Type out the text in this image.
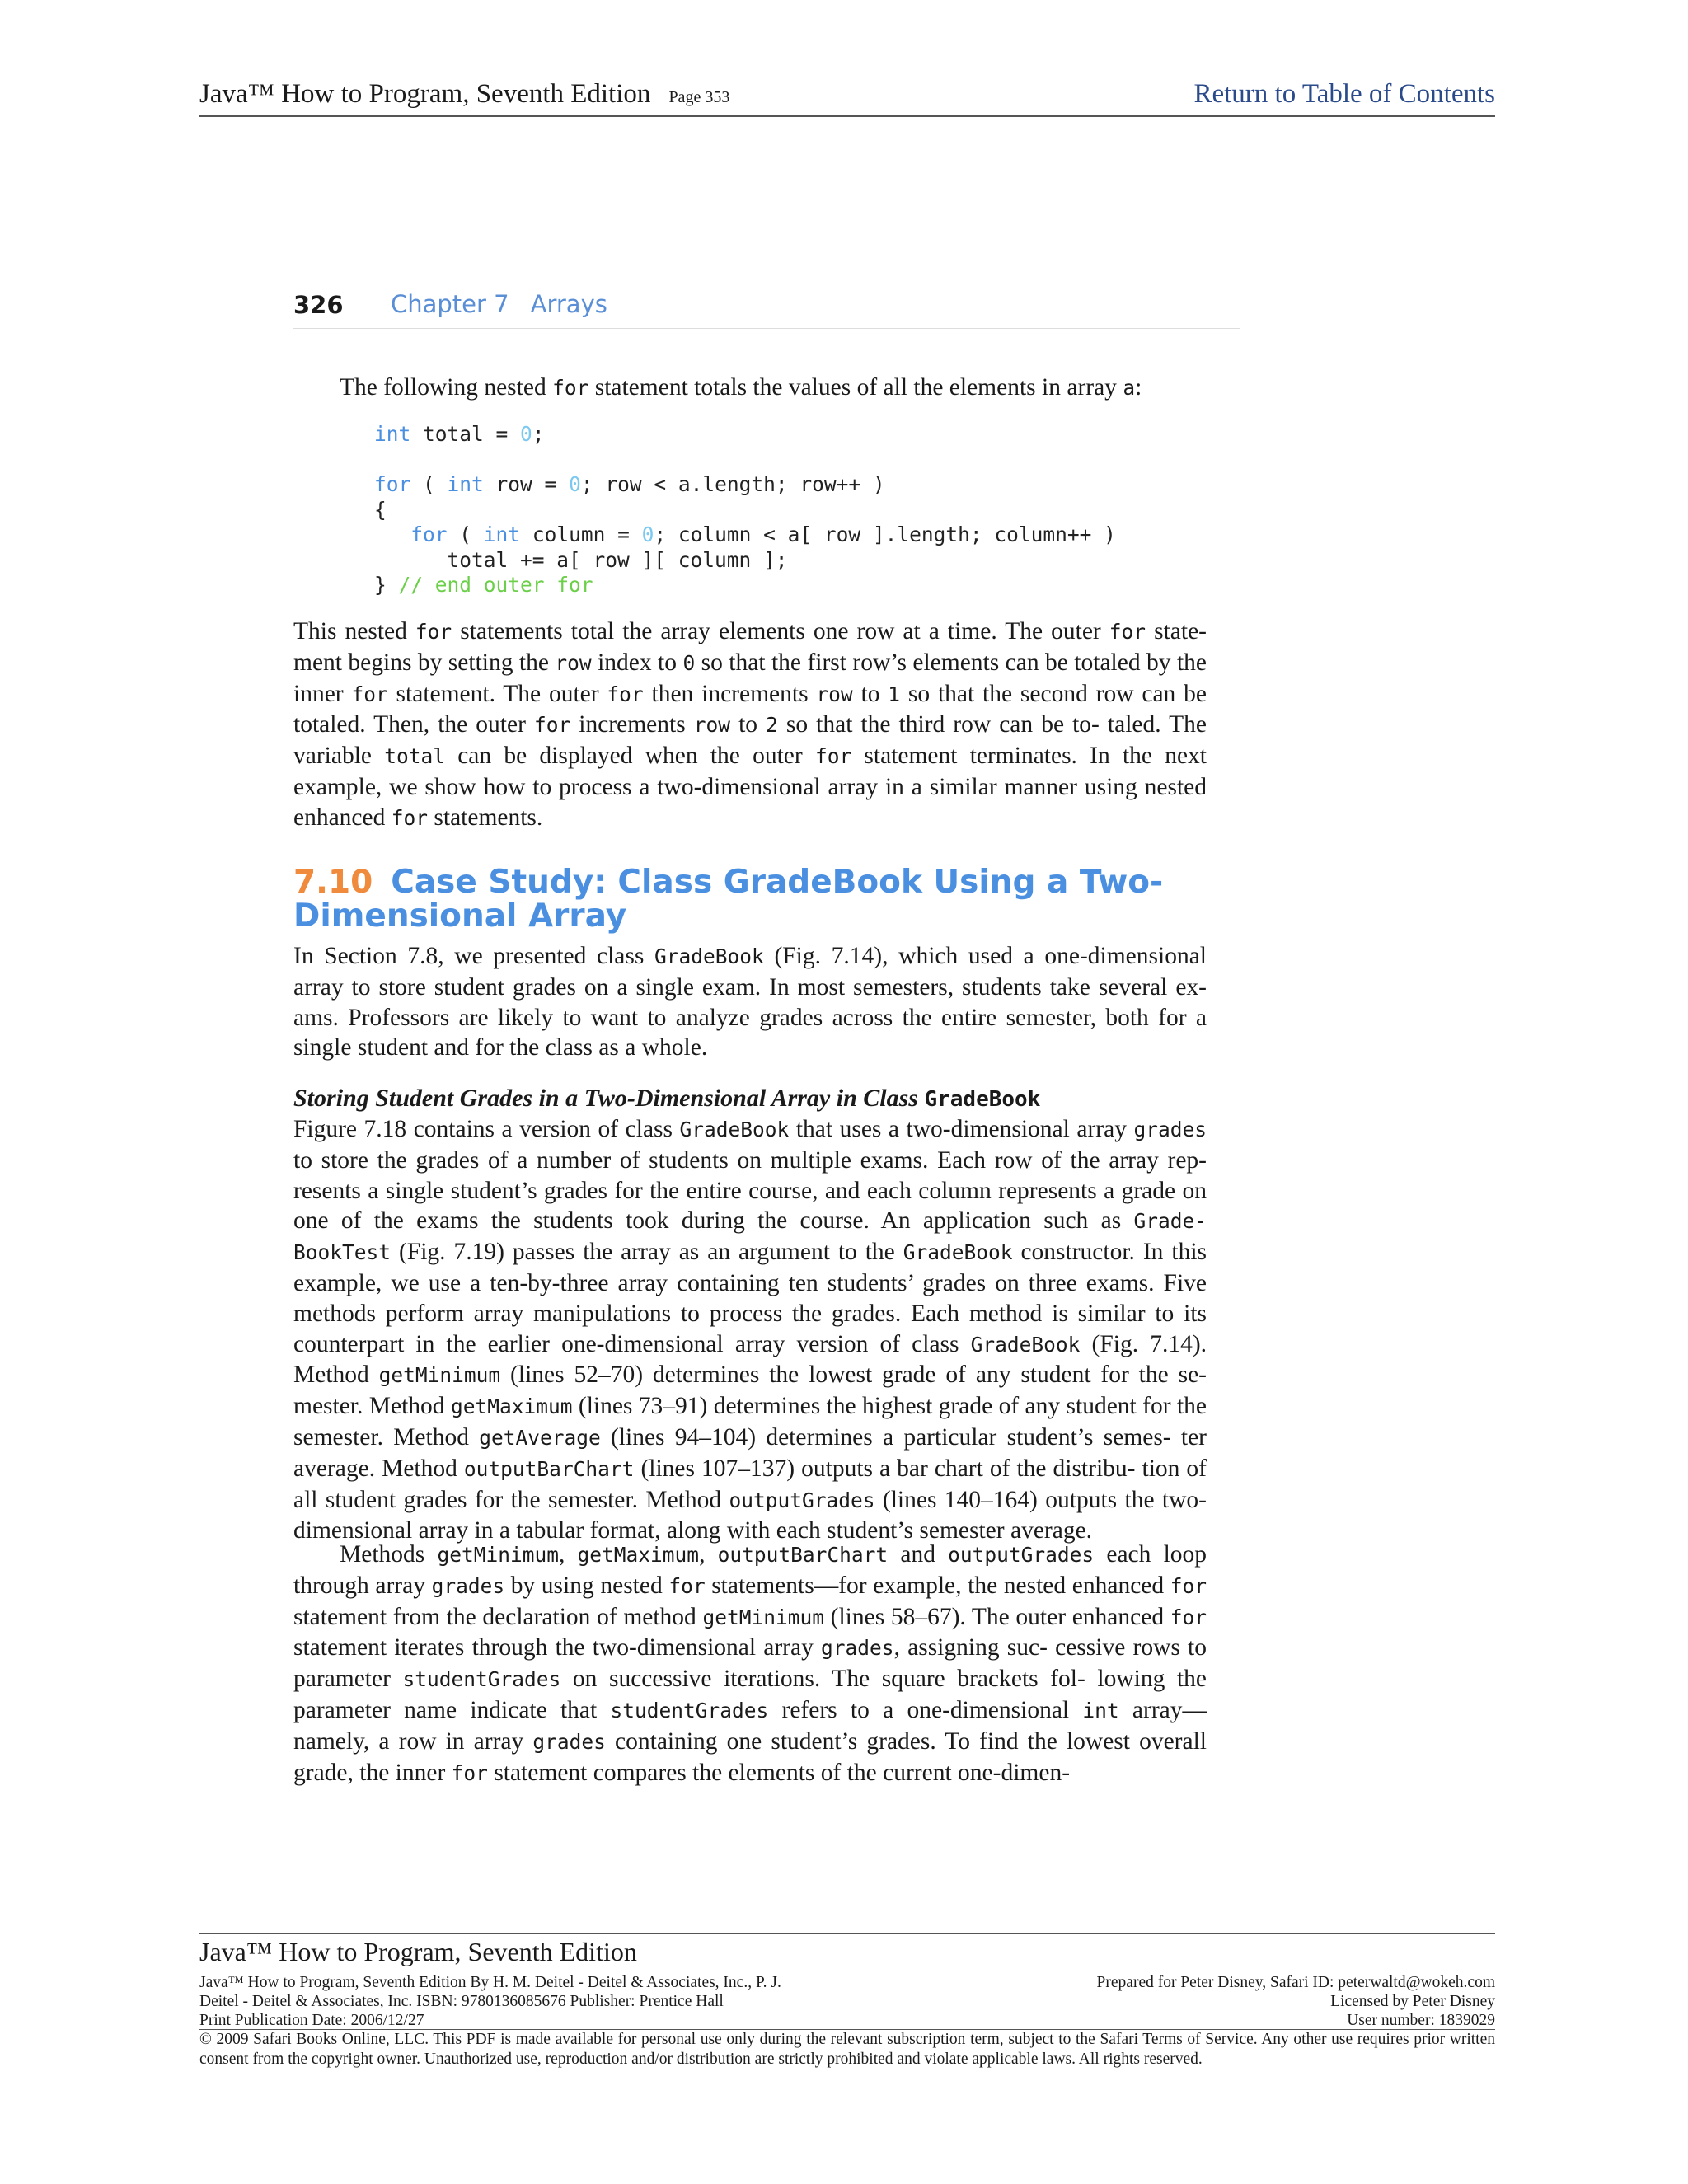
Java™ How to Program, Seventh Edition Page 353	Return to Table of Contents
326 Chapter 7 Arrays
The following nested for statement totals the values of all the elements in array a:
int total = 0;

for ( int row = 0; row < a.length; row++ )
{
for ( int column = 0; column < a[ row ].length; column++ )
total += a[ row ][ column ];
} // end outer for
This nested for statements total the array elements one row at a time. The outer for state- ment begins by setting the row index to 0 so that the first row’s elements can be totaled by the inner for statement. The outer for then increments row to 1 so that the second row can be totaled. Then, the outer for increments row to 2 so that the third row can be to- taled. The variable total can be displayed when the outer for statement terminates. In the next example, we show how to process a two-dimensional array in a similar manner using nested enhanced for statements.
7.10 Case Study: Class GradeBook Using a Two-Dimensional Array
In Section 7.8, we presented class GradeBook (Fig. 7.14), which used a one-dimensional array to store student grades on a single exam. In most semesters, students take several ex- ams. Professors are likely to want to analyze grades across the entire semester, both for a single student and for the class as a whole.
Storing Student Grades in a Two-Dimensional Array in Class GradeBook
Figure 7.18 contains a version of class GradeBook that uses a two-dimensional array grades to store the grades of a number of students on multiple exams. Each row of the array rep- resents a single student’s grades for the entire course, and each column represents a grade on one of the exams the students took during the course. An application such as Grade- BookTest (Fig. 7.19) passes the array as an argument to the GradeBook constructor. In this example, we use a ten-by-three array containing ten students’ grades on three exams. Five methods perform array manipulations to process the grades. Each method is similar to its counterpart in the earlier one-dimensional array version of class GradeBook (Fig. 7.14). Method getMinimum (lines 52–70) determines the lowest grade of any student for the se- mester. Method getMaximum (lines 73–91) determines the highest grade of any student for the semester. Method getAverage (lines 94–104) determines a particular student’s semes- ter average. Method outputBarChart (lines 107–137) outputs a bar chart of the distribu- tion of all student grades for the semester. Method outputGrades (lines 140–164) outputs the two-dimensional array in a tabular format, along with each student’s semester average.
Methods getMinimum, getMaximum, outputBarChart and outputGrades each loop through array grades by using nested for statements—for example, the nested enhanced for statement from the declaration of method getMinimum (lines 58–67). The outer enhanced for statement iterates through the two-dimensional array grades, assigning suc- cessive rows to parameter studentGrades on successive iterations. The square brackets fol- lowing the parameter name indicate that studentGrades refers to a one-dimensional int array—namely, a row in array grades containing one student’s grades. To find the lowest overall grade, the inner for statement compares the elements of the current one-dimen-
Java™ How to Program, Seventh Edition
Java™ How to Program, Seventh Edition By H. M. Deitel - Deitel & Associates, Inc., P. J.
Deitel - Deitel & Associates, Inc. ISBN: 9780136085676 Publisher: Prentice Hall
Print Publication Date: 2006/12/27
Prepared for Peter Disney, Safari ID: peterwaltd@wokeh.com
Licensed by Peter Disney
User number: 1839029
© 2009 Safari Books Online, LLC. This PDF is made available for personal use only during the relevant subscription term, subject to the Safari Terms of Service. Any other use requires prior written consent from the copyright owner. Unauthorized use, reproduction and/or distribution are strictly prohibited and violate applicable laws. All rights reserved.
